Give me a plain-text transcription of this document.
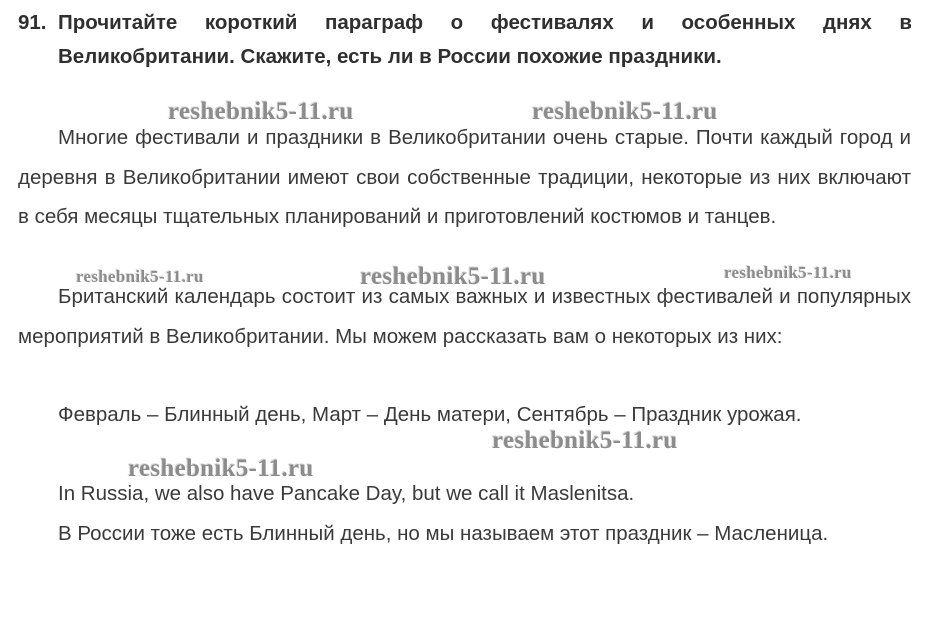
91. Прочитайте короткий параграф о фестивалях и особенных днях в Великобритании. Скажите, есть ли в России похожие праздники.
Многие фестивали и праздники в Великобритании очень старые. Почти каждый город и деревня в Великобритании имеют свои собственные традиции, некоторые из них включают в себя месяцы тщательных планирований и приготовлений костюмов и танцев.
Британский календарь состоит из самых важных и известных фестивалей и популярных мероприятий в Великобритании. Мы можем рассказать вам о некоторых из них:
Февраль – Блинный день, Март – День матери, Сентябрь – Праздник урожая.
In Russia, we also have Pancake Day, but we call it Maslenitsa.
В России тоже есть Блинный день, но мы называем этот праздник – Масленица.
reshebnik5-11.ru	reshebnik5-11.ru
reshebnik5-11.ru	reshebnik5-11.ru	reshebnik5-11.ru
reshebnik5-11.ru
reshebnik5-11.ru
